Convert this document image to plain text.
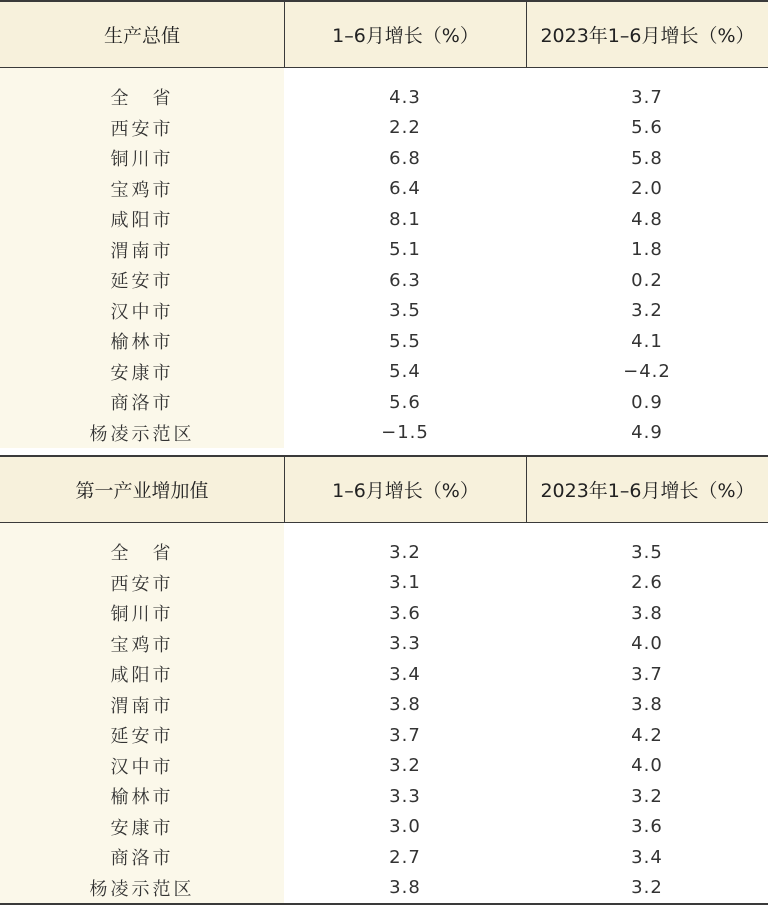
生产总值	1–6月增长（%）	2023年1–6月增长（%）
全　省	4.3	3.7
西安市	2.2	5.6
铜川市	6.8	5.8
宝鸡市	6.4	2.0
咸阳市	8.1	4.8
渭南市	5.1	1.8
延安市	6.3	0.2
汉中市	3.5	3.2
榆林市	5.5	4.1
安康市	5.4	−4.2
商洛市	5.6	0.9
杨凌示范区	−1.5	4.9
第一产业增加值	1–6月增长（%）	2023年1–6月增长（%）
全　省	3.2	3.5
西安市	3.1	2.6
铜川市	3.6	3.8
宝鸡市	3.3	4.0
咸阳市	3.4	3.7
渭南市	3.8	3.8
延安市	3.7	4.2
汉中市	3.2	4.0
榆林市	3.3	3.2
安康市	3.0	3.6
商洛市	2.7	3.4
杨凌示范区	3.8	3.2
